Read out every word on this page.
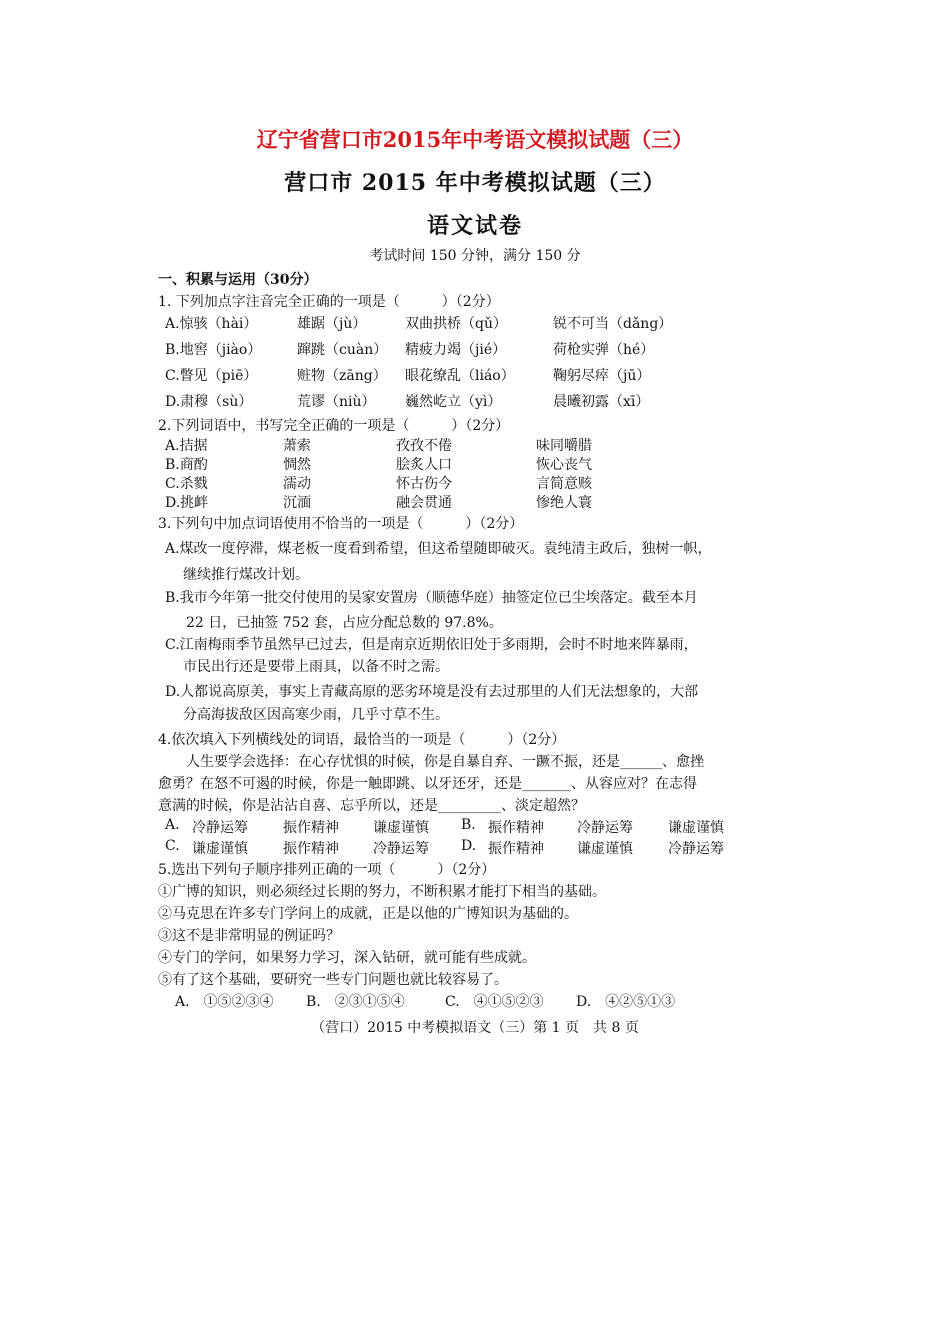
辽宁省营口市2015年中考语文模拟试题（三）
营口市 2015 年中考模拟试题（三）
语文试卷
考试时间 150 分钟，满分 150 分
一、积累与运用（30分）
1. 下列加点字注音完全正确的一项是（　　　）（2分）
A.惊骇（hài）	雄踞（jù）	双曲拱桥（qǔ）	锐不可当（dǎng）
B.地窖（jiào）	蹿跳（cuàn） 精疲力竭（jié）	荷枪实弹（hé）
C.瞥见（piē）	赃物（zāng） 眼花缭乱（liáo）	鞠躬尽瘁（jū）
D.肃穆（sù）	荒谬（niù） 巍然屹立（yì）	晨曦初露（xī）
2.下列词语中，书写完全正确的一项是（　　　）（2分）
A.拮据	萧索	孜孜不倦	味同嚼腊
B.商酌	惆然	脍炙人口	恢心丧气
C.杀戮	濡动	怀古伤今	言简意赅
D.挑衅	沉湎	融会贯通	惨绝人寰
3.下列句中加点词语使用不恰当的一项是（　　　）（2分）
A.煤改一度停滞，煤老板一度看到希望，但这希望随即破灭。袁纯清主政后，独树一帜，
继续推行煤改计划。
B.我市今年第一批交付使用的吴家安置房（顺德华庭）抽签定位已尘埃落定。截至本月
22 日，已抽签 752 套，占应分配总数的 97.8%。
C.江南梅雨季节虽然早已过去，但是南京近期依旧处于多雨期，会时不时地来阵暴雨，
市民出行还是要带上雨具，以备不时之需。
D.人都说高原美，事实上青藏高原的恶劣环境是没有去过那里的人们无法想象的，大部
分高海拔敌区因高寒少雨，几乎寸草不生。
4.依次填入下列横线处的词语，最恰当的一项是（　　　）（2分）
人生要学会选择：在心存忧惧的时候，你是自暴自弃、一蹶不振，还是______、愈挫
愈勇？在怒不可遏的时候，你是一触即跳、以牙还牙，还是_______、从容应对？在志得
意满的时候，你是沾沾自喜、忘乎所以，还是_________、淡定超然？
A. 冷静运筹	振作精神 谦虚谨慎 B. 振作精神 冷静运筹	谦虚谨慎
C. 谦虚谨慎	振作精神 冷静运筹 D. 振作精神 谦虚谨慎	冷静运筹
5.选出下列句子顺序排列正确的一项（　　　）（2分）
①广博的知识，则必须经过长期的努力，不断积累才能打下相当的基础。
②马克思在许多专门学问上的成就，正是以他的广博知识为基础的。
③这不是非常明显的例证吗？
④专门的学问，如果努力学习，深入钻研，就可能有些成就。
⑤有了这个基础，要研究一些专门问题也就比较容易了。
A.　①⑤②③④ B.　②③①⑤④	C.　④①⑤②③ D.　④②⑤①③
（营口）2015 中考模拟语文（三）第 1 页　共 8 页
